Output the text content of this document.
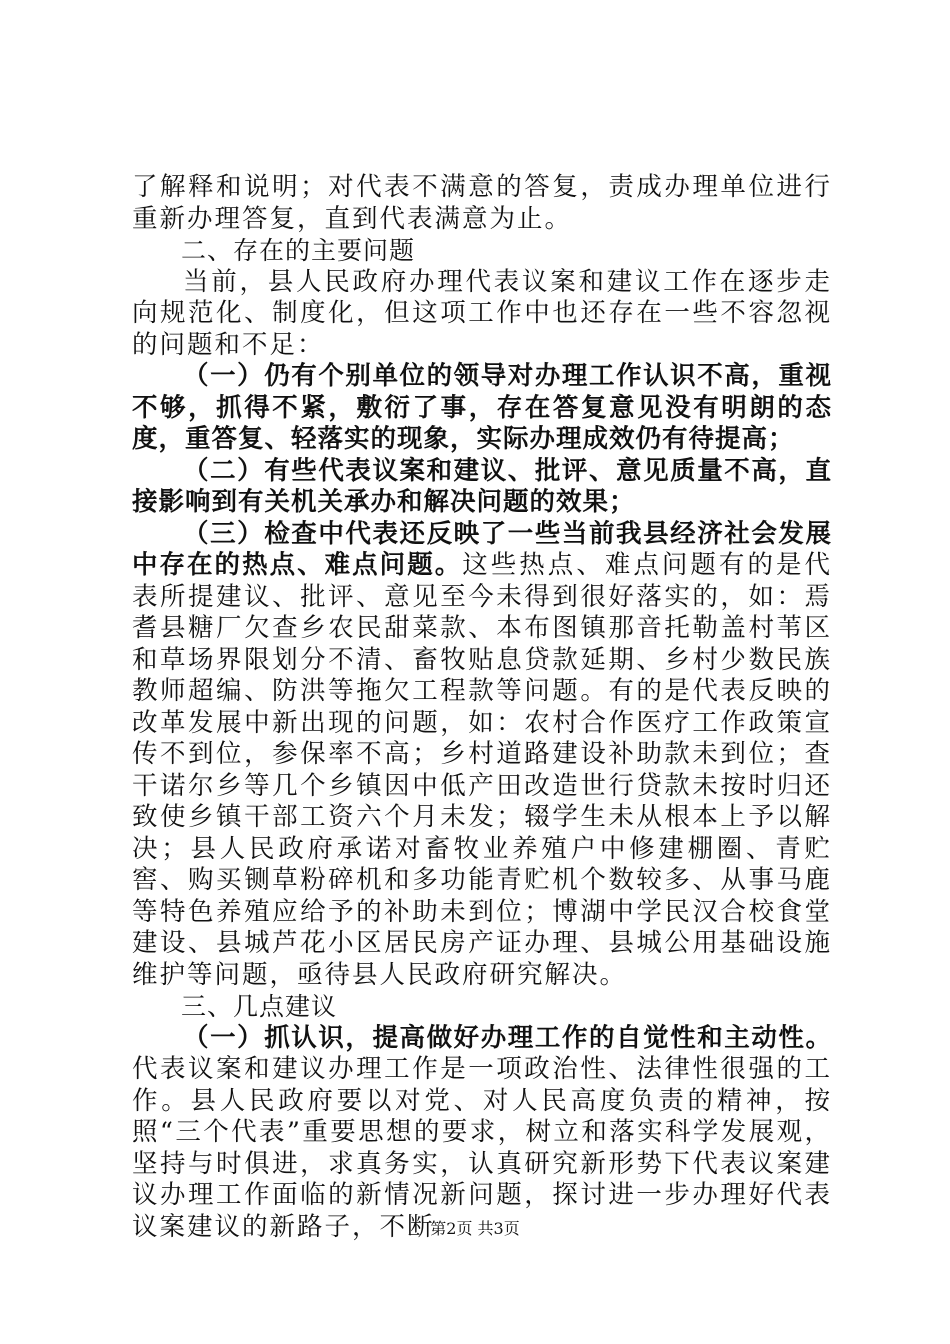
了解释和说明；对代表不满意的答复，责成办理单位进行重新办理答复，直到代表满意为止。

二、存在的主要问题

当前，县人民政府办理代表议案和建议工作在逐步走向规范化、制度化，但这项工作中也还存在一些不容忽视的问题和不足：

（一）仍有个别单位的领导对办理工作认识不高，重视不够，抓得不紧，敷衍了事，存在答复意见没有明朗的态度，重答复、轻落实的现象，实际办理成效仍有待提高；

（二）有些代表议案和建议、批评、意见质量不高，直接影响到有关机关承办和解决问题的效果；

（三）检查中代表还反映了一些当前我县经济社会发展中存在的热点、难点问题。这些热点、难点问题有的是代表所提建议、批评、意见至今未得到很好落实的，如：焉耆县糖厂欠查乡农民甜菜款、本布图镇那音托勒盖村苇区和草场界限划分不清、畜牧贴息贷款延期、乡村少数民族教师超编、防洪等拖欠工程款等问题。有的是代表反映的改革发展中新出现的问题，如：农村合作医疗工作政策宣传不到位，参保率不高；乡村道路建设补助款未到位；查干诺尔乡等几个乡镇因中低产田改造世行贷款未按时归还致使乡镇干部工资六个月未发；辍学生未从根本上予以解决；县人民政府承诺对畜牧业养殖户中修建棚圈、青贮窖、购买铡草粉碎机和多功能青贮机个数较多、从事马鹿等特色养殖应给予的补助未到位；博湖中学民汉合校食堂建设、县城芦花小区居民房产证办理、县城公用基础设施维护等问题，亟待县人民政府研究解决。

三、几点建议

（一）抓认识，提高做好办理工作的自觉性和主动性。代表议案和建议办理工作是一项政治性、法律性很强的工作。县人民政府要以对党、对人民高度负责的精神，按照“三个代表”重要思想的要求，树立和落实科学发展观，坚持与时俱进，求真务实，认真研究新形势下代表议案建议办理工作面临的新情况新问题，探讨进一步办理好代表议案建议的新路子，不断

第2页 共3页
